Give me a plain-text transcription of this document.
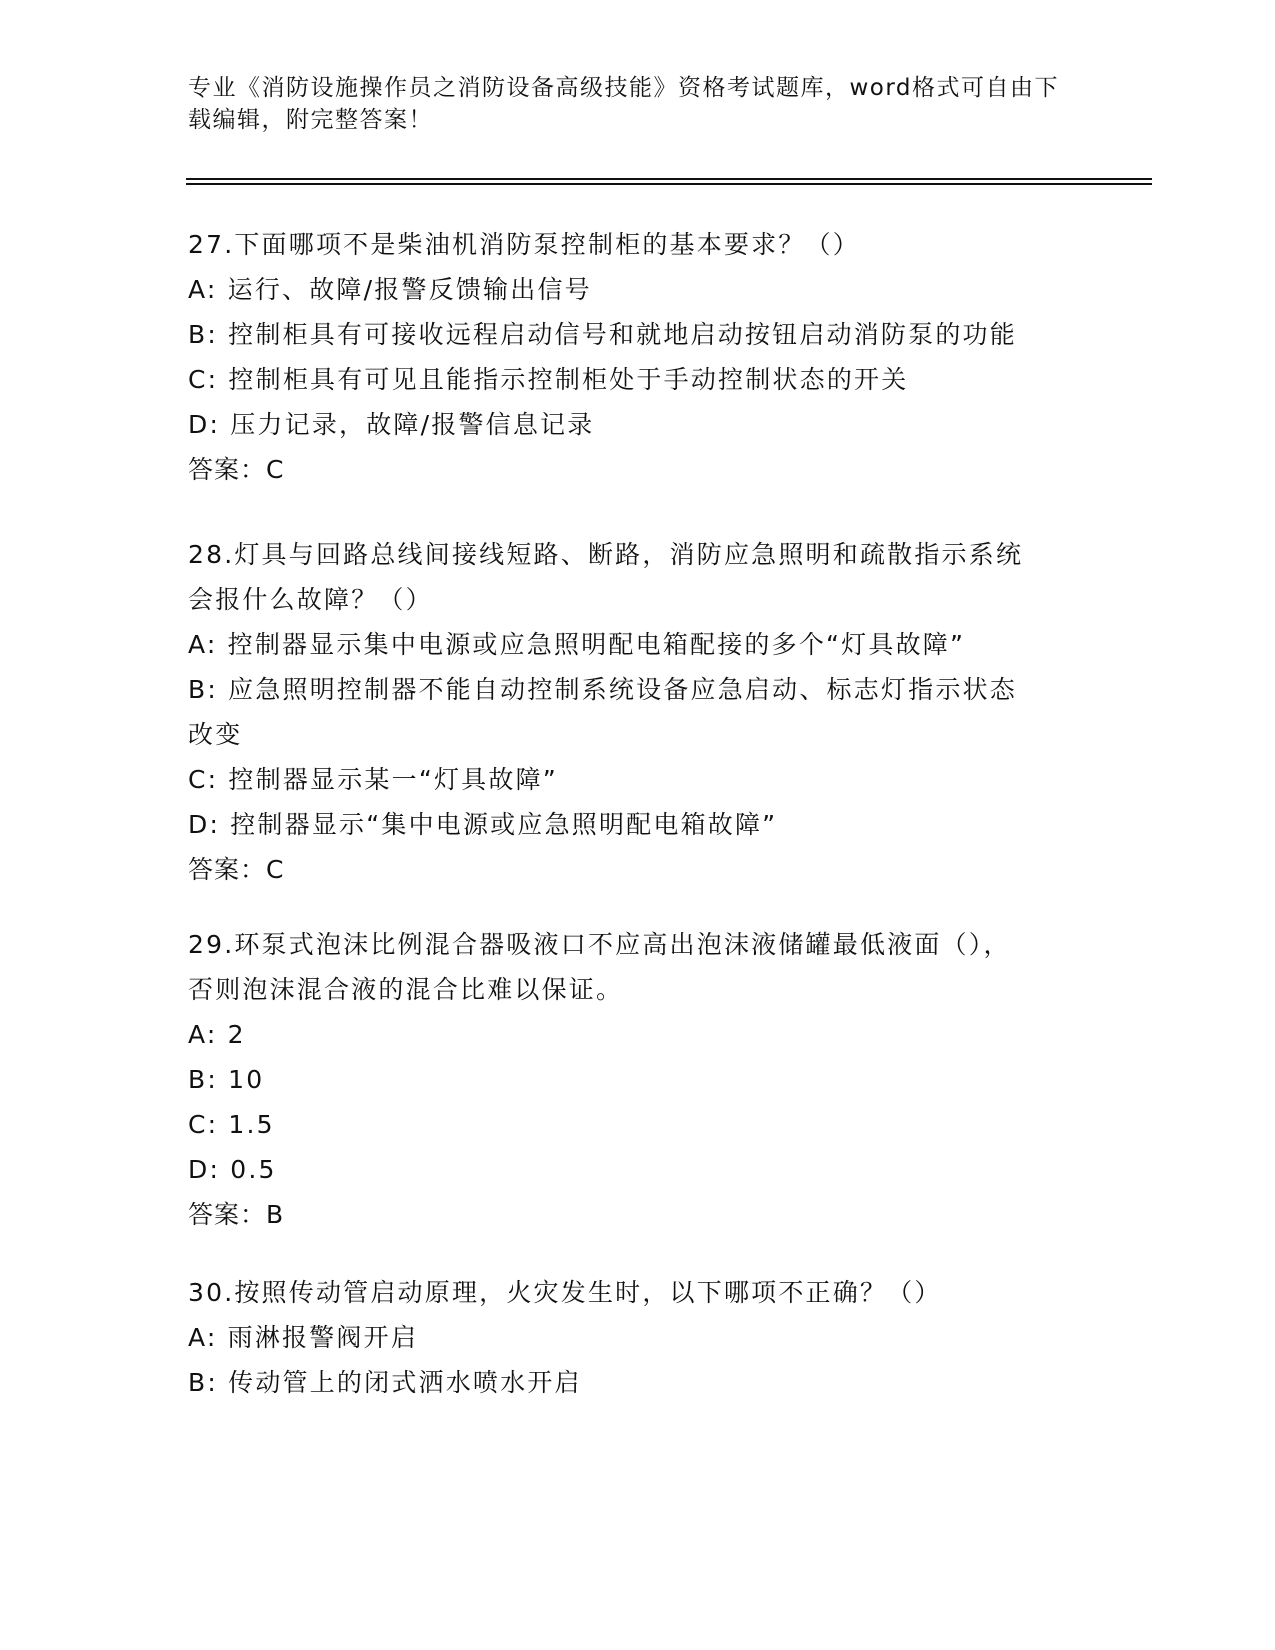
专业《消防设施操作员之消防设备高级技能》资格考试题库，word格式可自由下
载编辑，附完整答案！
27.下面哪项不是柴油机消防泵控制柜的基本要求？（）
A: 运行、故障/报警反馈输出信号
B: 控制柜具有可接收远程启动信号和就地启动按钮启动消防泵的功能
C: 控制柜具有可见且能指示控制柜处于手动控制状态的开关
D: 压力记录，故障/报警信息记录
答案：C
28.灯具与回路总线间接线短路、断路，消防应急照明和疏散指示系统
会报什么故障？（）
A: 控制器显示集中电源或应急照明配电箱配接的多个“灯具故障”
B: 应急照明控制器不能自动控制系统设备应急启动、标志灯指示状态
改变
C: 控制器显示某一“灯具故障”
D: 控制器显示“集中电源或应急照明配电箱故障”
答案：C
29.环泵式泡沫比例混合器吸液口不应高出泡沫液储罐最低液面（），
否则泡沫混合液的混合比难以保证。
A: 2
B: 10
C: 1.5
D: 0.5
答案：B
30.按照传动管启动原理，火灾发生时，以下哪项不正确？（）
A: 雨淋报警阀开启
B: 传动管上的闭式洒水喷水开启
